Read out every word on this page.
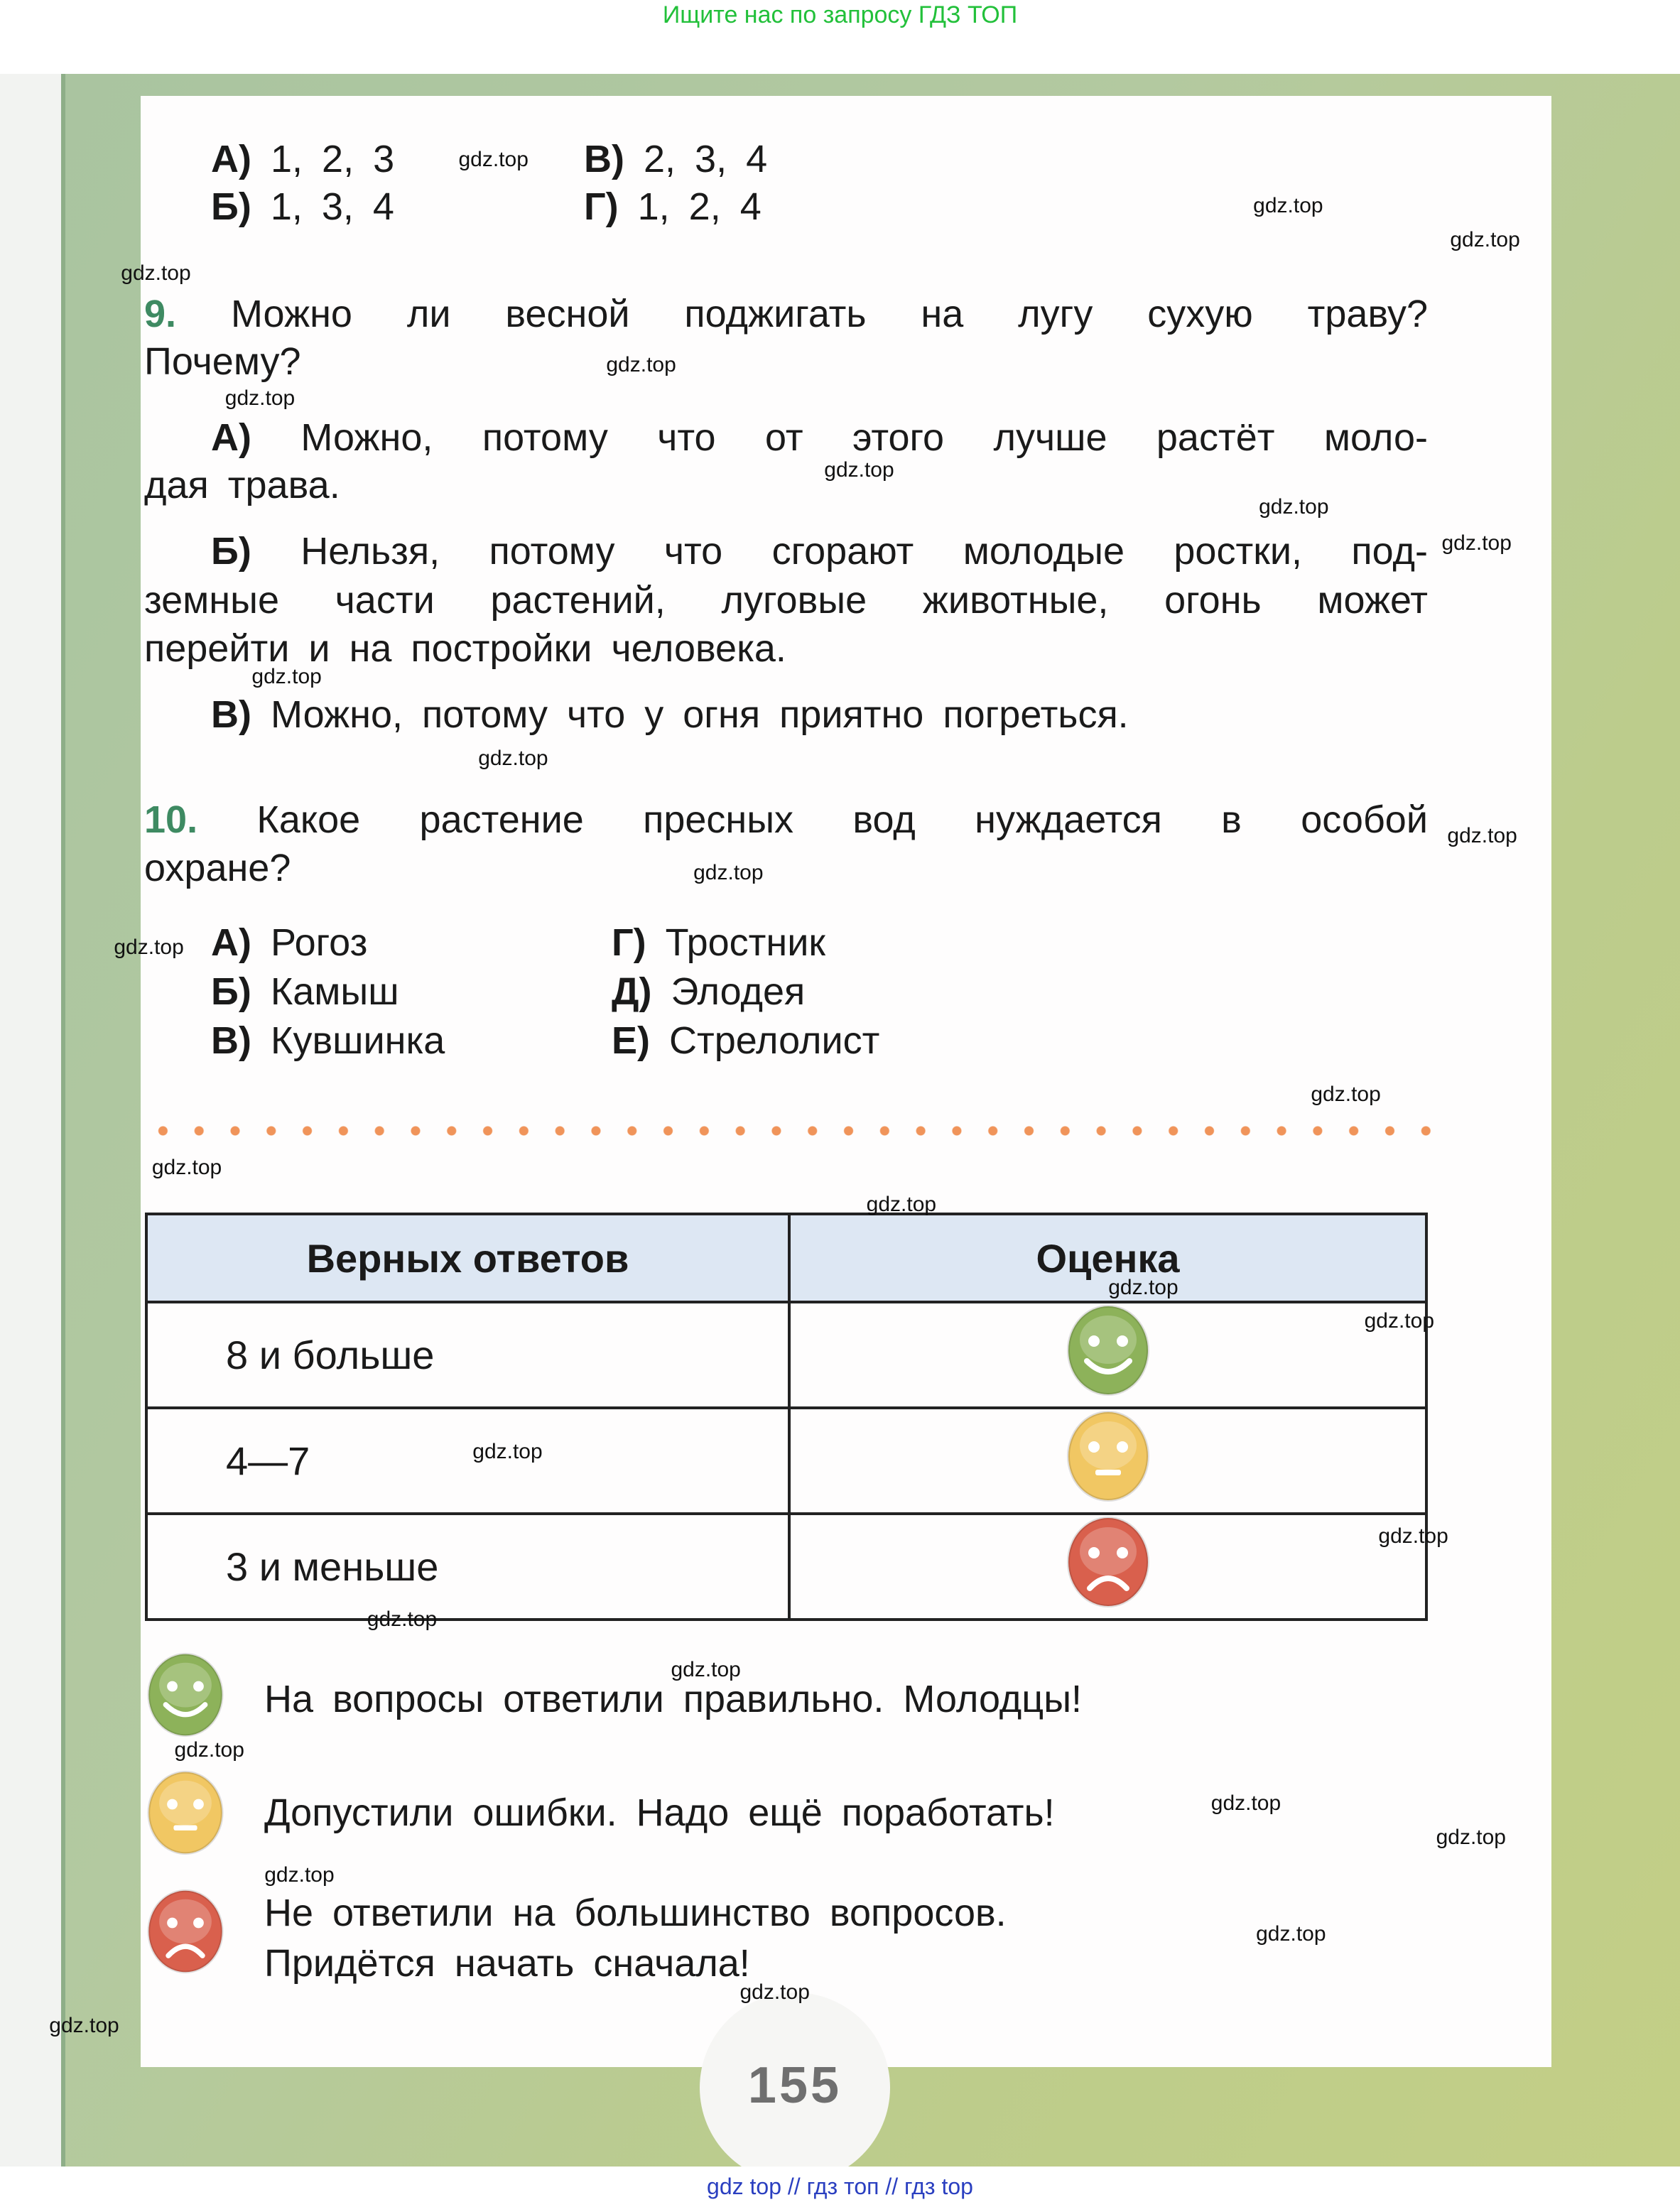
Ищите нас по запросу ГДЗ ТОП
А) 1, 2, 3	В) 2, 3, 4
Б) 1, 3, 4	Г) 1, 2, 4
9. Можно ли весной поджигать на лугу сухую траву?
Почему?
А) Можно, потому что от этого лучше растёт моло-
дая трава.
Б) Нельзя, потому что сгорают молодые ростки, под-
земные части растений, луговые животные, огонь может
перейти и на постройки человека.
В) Можно, потому что у огня приятно погреться.
10. Какое растение пресных вод нуждается в особой
охране?
А) Рогоз	Г) Тростник
Б) Камыш	Д) Элодея
В) Кувшинка	Е) Стрелолист
Верных ответов	Оценка
8 и больше	
4—7	
3 и меньше	
На вопросы ответили правильно. Молодцы!
Допустили ошибки. Надо ещё поработать!
Не ответили на большинство вопросов.
Придётся начать сначала!
155
gdz top // гдз топ // гдз top
gdz.top
gdz.top
gdz.top
gdz.top
gdz.top
gdz.top
gdz.top
gdz.top
gdz.top
gdz.top
gdz.top
gdz.top
gdz.top
gdz.top
gdz.top
gdz.top
gdz.top
gdz.top
gdz.top
gdz.top
gdz.top
gdz.top
gdz.top
gdz.top
gdz.top
gdz.top
gdz.top
gdz.top
gdz.top
gdz.top
